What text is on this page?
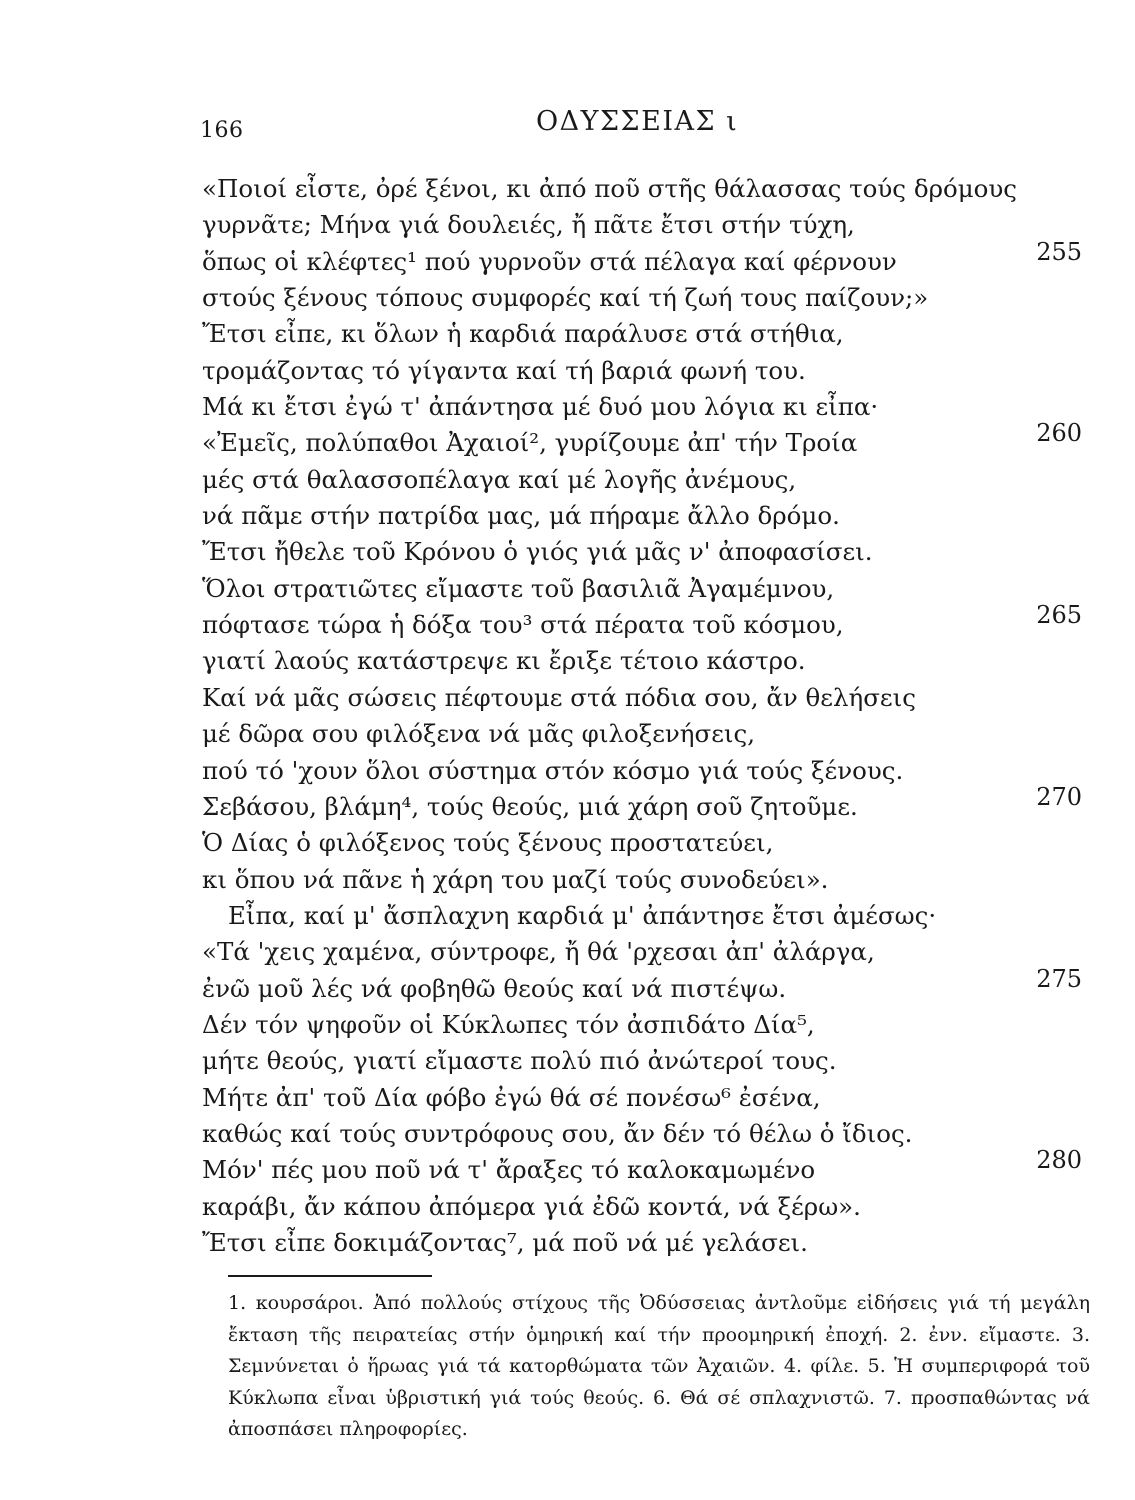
166	ΟΔΥΣΣΕΙΑΣ ι
«Ποιοί εἶστε, ὀρέ ξένοι, κι ἀπό ποῦ στῆς θάλασσας τούς δρόμους
γυρνᾶτε; Μήνα γιά δουλειές, ἤ πᾶτε ἔτσι στήν τύχη,
ὅπως οἱ κλέφτες¹ πού γυρνοῦν στά πέλαγα καί φέρνουν	255
στούς ξένους τόπους συμφορές καί τή ζωή τους παίζουν;»
Ἔτσι εἶπε, κι ὅλων ἡ καρδιά παράλυσε στά στήθια,
τρομάζοντας τό γίγαντα καί τή βαριά φωνή του.
Μά κι ἔτσι ἐγώ τ' ἀπάντησα μέ δυό μου λόγια κι εἶπα·
«Ἐμεῖς, πολύπαθοι Ἀχαιοί², γυρίζουμε ἀπ' τήν Τροία	260
μές στά θαλασσοπέλαγα καί μέ λογῆς ἀνέμους,
νά πᾶμε στήν πατρίδα μας, μά πήραμε ἄλλο δρόμο.
Ἔτσι ἤθελε τοῦ Κρόνου ὁ γιός γιά μᾶς ν' ἀποφασίσει.
Ὅλοι στρατιῶτες εἴμαστε τοῦ βασιλιᾶ Ἀγαμέμνου,
πόφτασε τώρα ἡ δόξα του³ στά πέρατα τοῦ κόσμου,	265
γιατί λαούς κατάστρεψε κι ἔριξε τέτοιο κάστρο.
Καί νά μᾶς σώσεις πέφτουμε στά πόδια σου, ἄν θελήσεις
μέ δῶρα σου φιλόξενα νά μᾶς φιλοξενήσεις,
πού τό 'χουν ὅλοι σύστημα στόν κόσμο γιά τούς ξένους.
Σεβάσου, βλάμη⁴, τούς θεούς, μιά χάρη σοῦ ζητοῦμε.	270
Ὁ Δίας ὁ φιλόξενος τούς ξένους προστατεύει,
κι ὅπου νά πᾶνε ἡ χάρη του μαζί τούς συνοδεύει».
Εἶπα, καί μ' ἄσπλαχνη καρδιά μ' ἀπάντησε ἔτσι ἀμέσως·
«Τά 'χεις χαμένα, σύντροφε, ἤ θά 'ρχεσαι ἀπ' ἀλάργα,
ἐνῶ μοῦ λές νά φοβηθῶ θεούς καί νά πιστέψω.	275
Δέν τόν ψηφοῦν οἱ Κύκλωπες τόν ἀσπιδάτο Δία⁵,
μήτε θεούς, γιατί εἴμαστε πολύ πιό ἀνώτεροί τους.
Μήτε ἀπ' τοῦ Δία φόβο ἐγώ θά σέ πονέσω⁶ ἐσένα,
καθώς καί τούς συντρόφους σου, ἄν δέν τό θέλω ὁ ἴδιος.
Μόν' πές μου ποῦ νά τ' ἄραξες τό καλοκαμωμένο	280
καράβι, ἄν κάπου ἀπόμερα γιά ἐδῶ κοντά, νά ξέρω».
Ἔτσι εἶπε δοκιμάζοντας⁷, μά ποῦ νά μέ γελάσει.

1. κουρσάροι. Ἀπό πολλούς στίχους τῆς Ὀδύσσειας ἀντλοῦμε εἰδήσεις γιά τή μεγάλη ἔκταση τῆς πειρατείας στήν ὁμηρική καί τήν προομηρική ἐποχή. 2. ἐνν. εἴμαστε. 3. Σεμνύνεται ὁ ἥρωας γιά τά κατορθώματα τῶν Ἀχαιῶν. 4. φίλε. 5. Ἡ συμπεριφορά τοῦ Κύκλωπα εἶναι ὑβριστική γιά τούς θεούς. 6. Θά σέ σπλαχνιστῶ. 7. προσπαθώντας νά ἀποσπάσει πληροφορίες.
